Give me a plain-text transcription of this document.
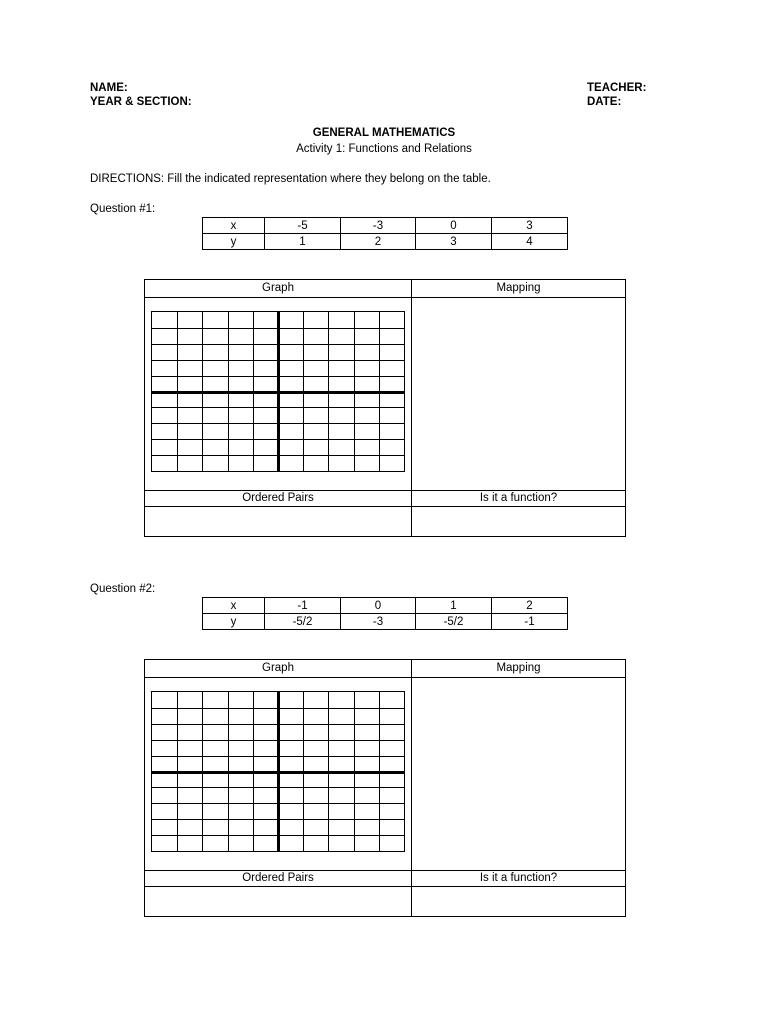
NAME:
YEAR & SECTION:
TEACHER:
DATE:
GENERAL MATHEMATICS
Activity 1: Functions and Relations
DIRECTIONS: Fill the indicated representation where they belong on the table.
Question #1:
x	-5	-3	0	3
y	1	2	3	4
Graph	Mapping
Ordered Pairs	Is it a function?
Question #2:
x	-1	0	1	2
y	-5/2	-3	-5/2	-1
Graph	Mapping
Ordered Pairs	Is it a function?
